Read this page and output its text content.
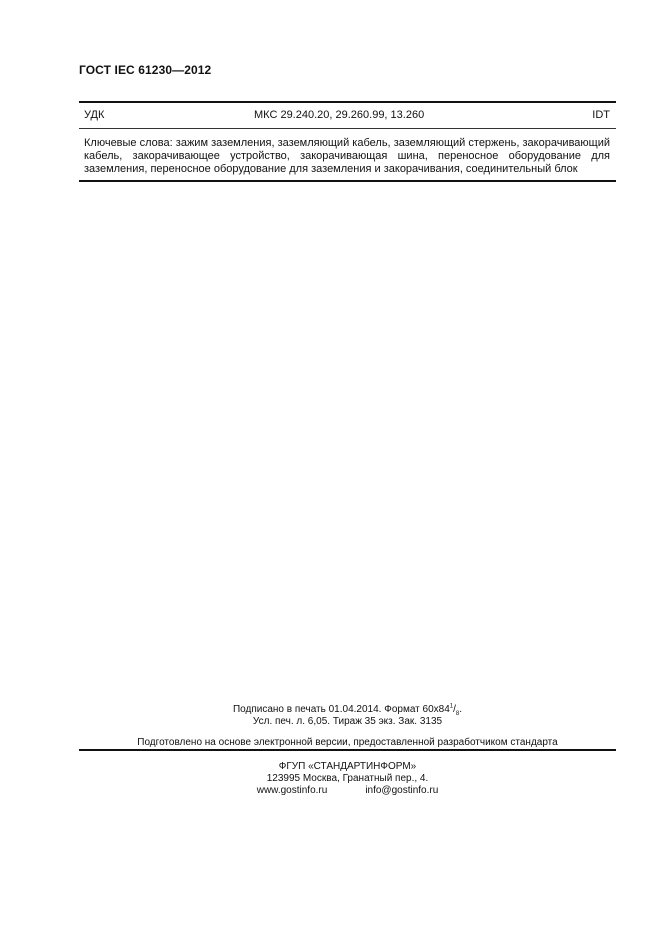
ГОСТ IEC 61230—2012
УДК	МКС 29.240.20, 29.260.99, 13.260	IDT
Ключевые слова: зажим заземления, заземляющий кабель, заземляющий стержень, закорачивающий кабель, закорачивающее устройство, закорачивающая шина, переносное оборудование для заземления, переносное оборудование для заземления и закорачивания, соединительный блок
Подписано в печать 01.04.2014. Формат $60x84^1/_8$.
Усл. печ. л. 6,05. Тираж 35 экз. Зак. 3135
Подготовлено на основе электронной версии, предоставленной разработчиком стандарта
ФГУП «СТАНДАРТИНФОРМ»
123995 Москва, Гранатный пер., 4.
www.gostinfo.ru	info@gostinfo.ru
